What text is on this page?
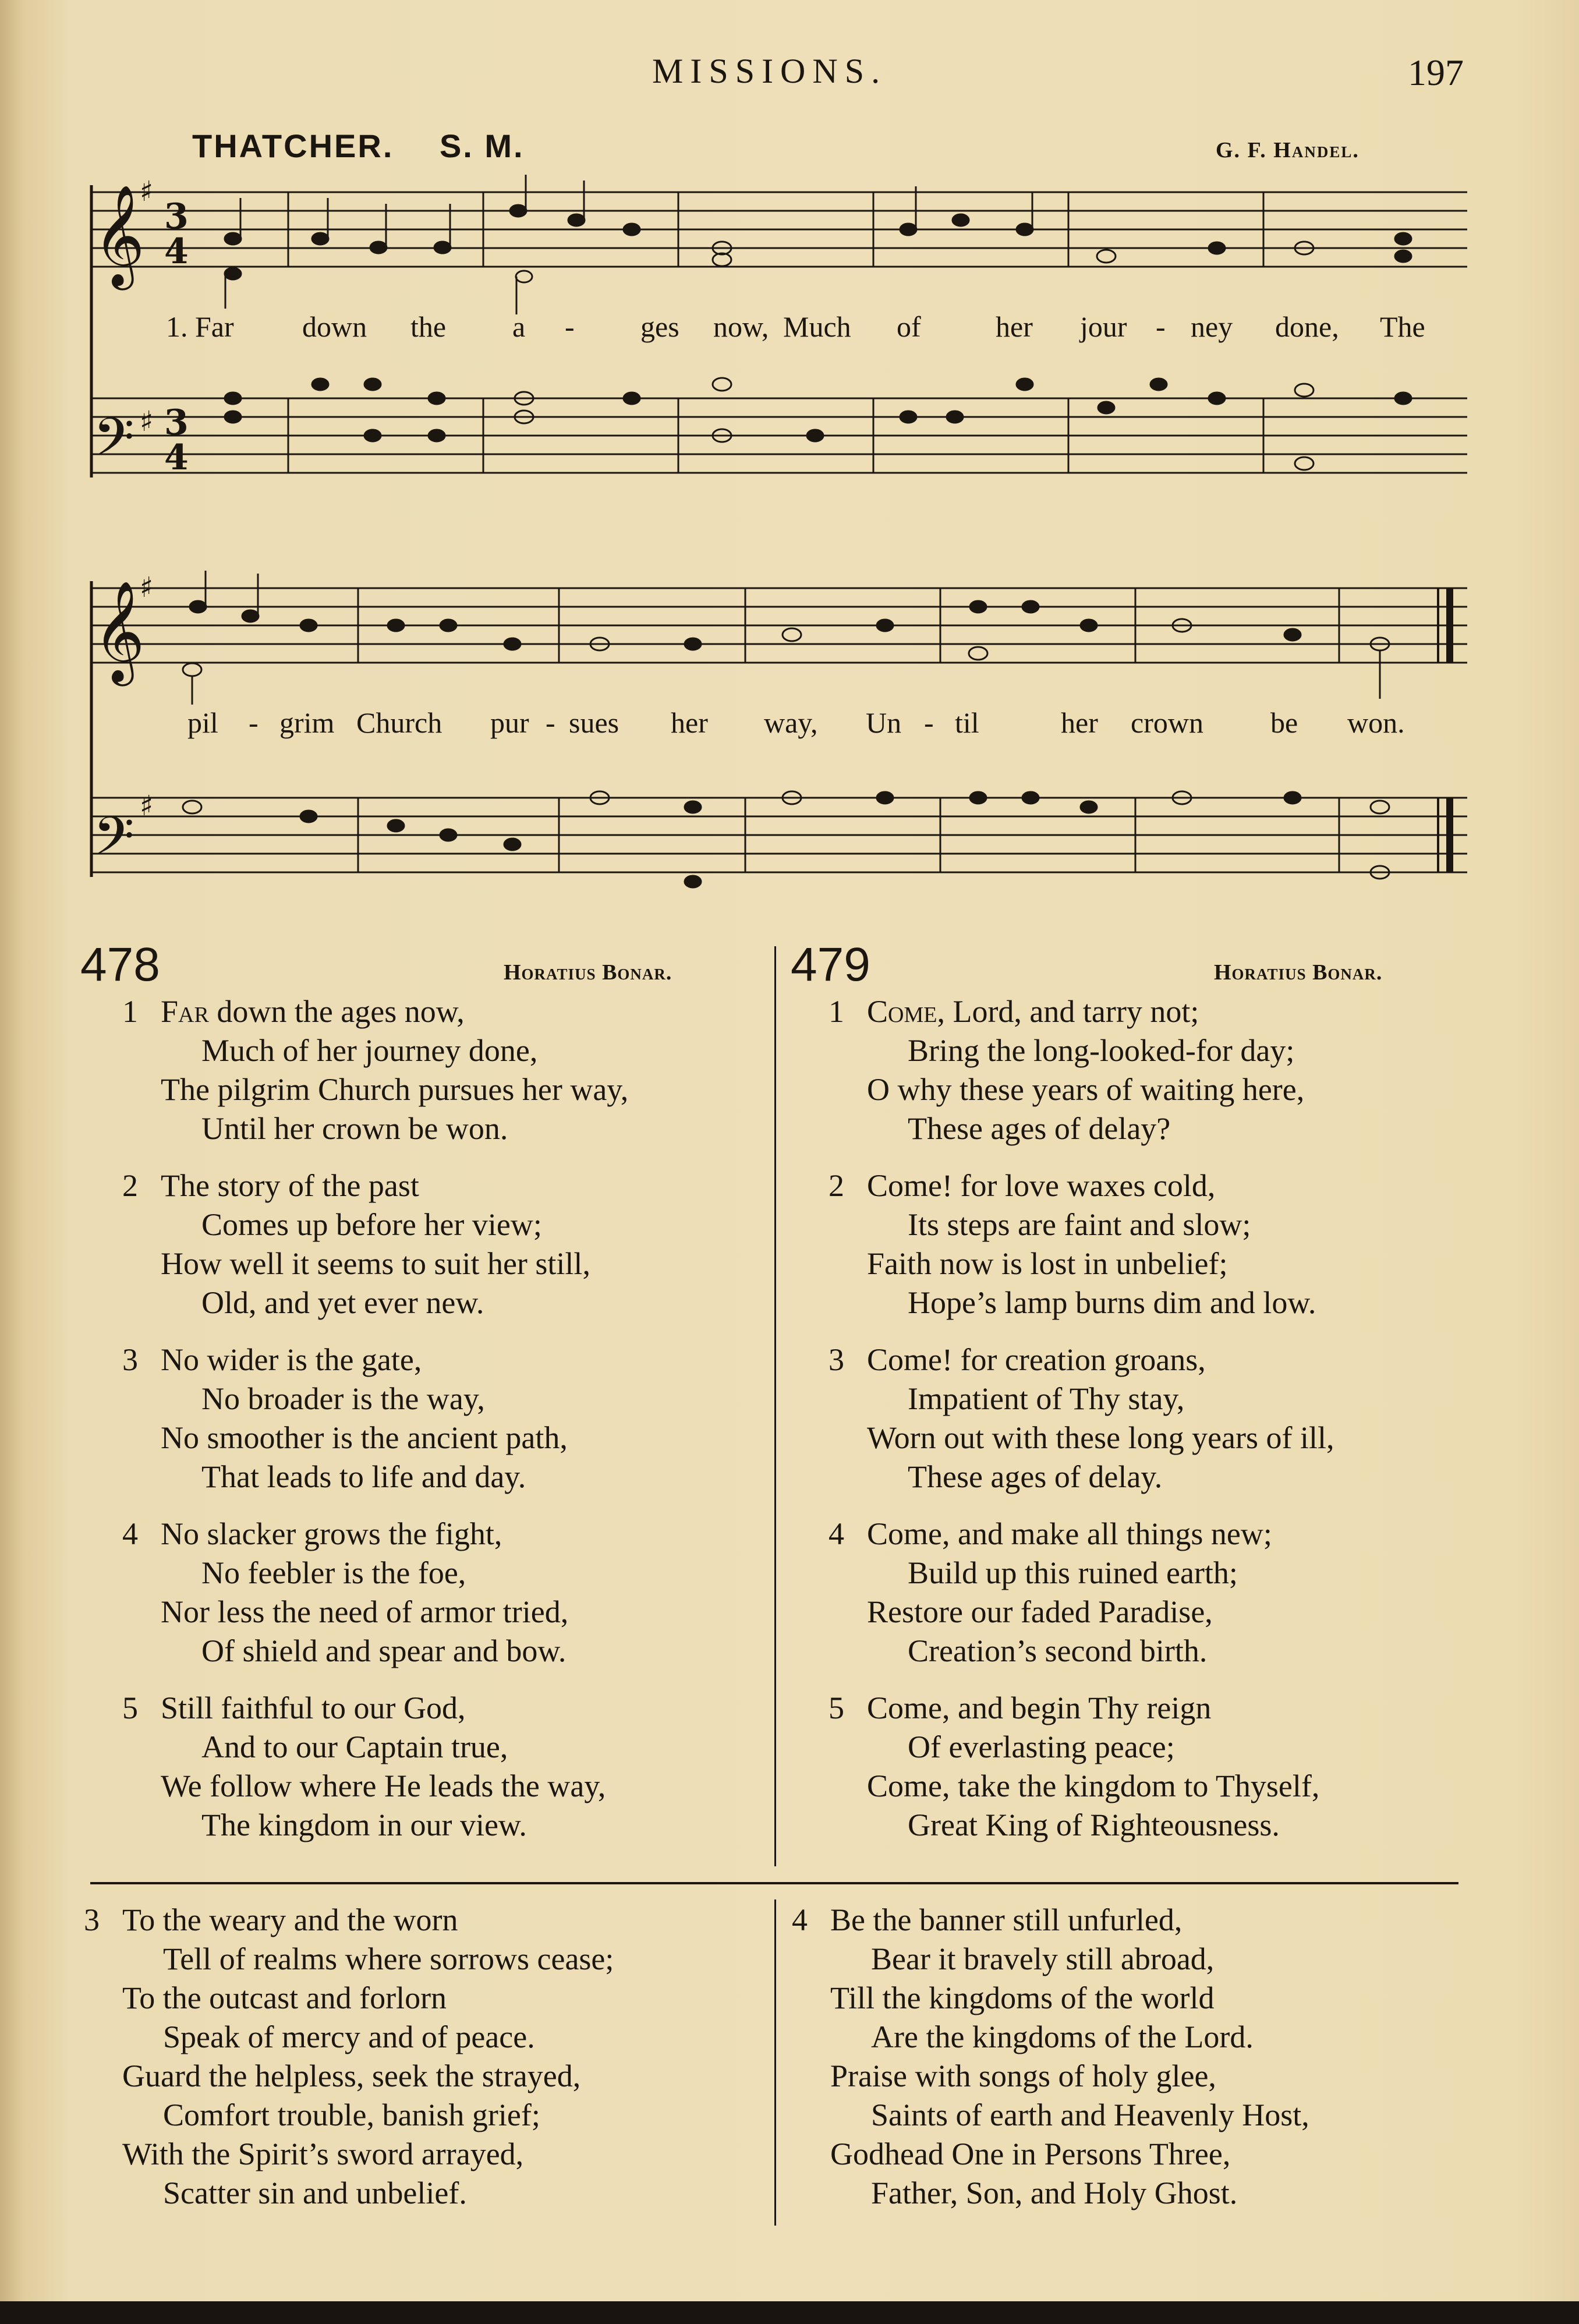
MISSIONS.	197
THATCHER. S. M.	G. F. Handel.
𝄞
𝄢
𝄞
𝄢
♯
♯
♯
♯
3
4
3
4
1. Far down the a - ges now, Much of	her jour - ney done, The
pil - grim Church pur - sues her way, Un - til	her crown be won.
478	Horatius Bonar.
1 Far down the ages now,
Much of her journey done,
The pilgrim Church pursues her way,
Until her crown be won.
2 The story of the past
Comes up before her view;
How well it seems to suit her still,
Old, and yet ever new.
3 No wider is the gate,
No broader is the way,
No smoother is the ancient path,
That leads to life and day.
4 No slacker grows the fight,
No feebler is the foe,
Nor less the need of armor tried,
Of shield and spear and bow.
5 Still faithful to our God,
And to our Captain true,
We follow where He leads the way,
The kingdom in our view.
479	Horatius Bonar.
1 Come, Lord, and tarry not;
Bring the long-looked-for day;
O why these years of waiting here,
These ages of delay?
2 Come! for love waxes cold,
Its steps are faint and slow;
Faith now is lost in unbelief;
Hope’s lamp burns dim and low.
3 Come! for creation groans,
Impatient of Thy stay,
Worn out with these long years of ill,
These ages of delay.
4 Come, and make all things new;
Build up this ruined earth;
Restore our faded Paradise,
Creation’s second birth.
5 Come, and begin Thy reign
Of everlasting peace;
Come, take the kingdom to Thyself,
Great King of Righteousness.
3 To the weary and the worn
Tell of realms where sorrows cease;
To the outcast and forlorn
Speak of mercy and of peace.
Guard the helpless, seek the strayed,
Comfort trouble, banish grief;
With the Spirit’s sword arrayed,
Scatter sin and unbelief.
4 Be the banner still unfurled,
Bear it bravely still abroad,
Till the kingdoms of the world
Are the kingdoms of the Lord.
Praise with songs of holy glee,
Saints of earth and Heavenly Host,
Godhead One in Persons Three,
Father, Son, and Holy Ghost.
